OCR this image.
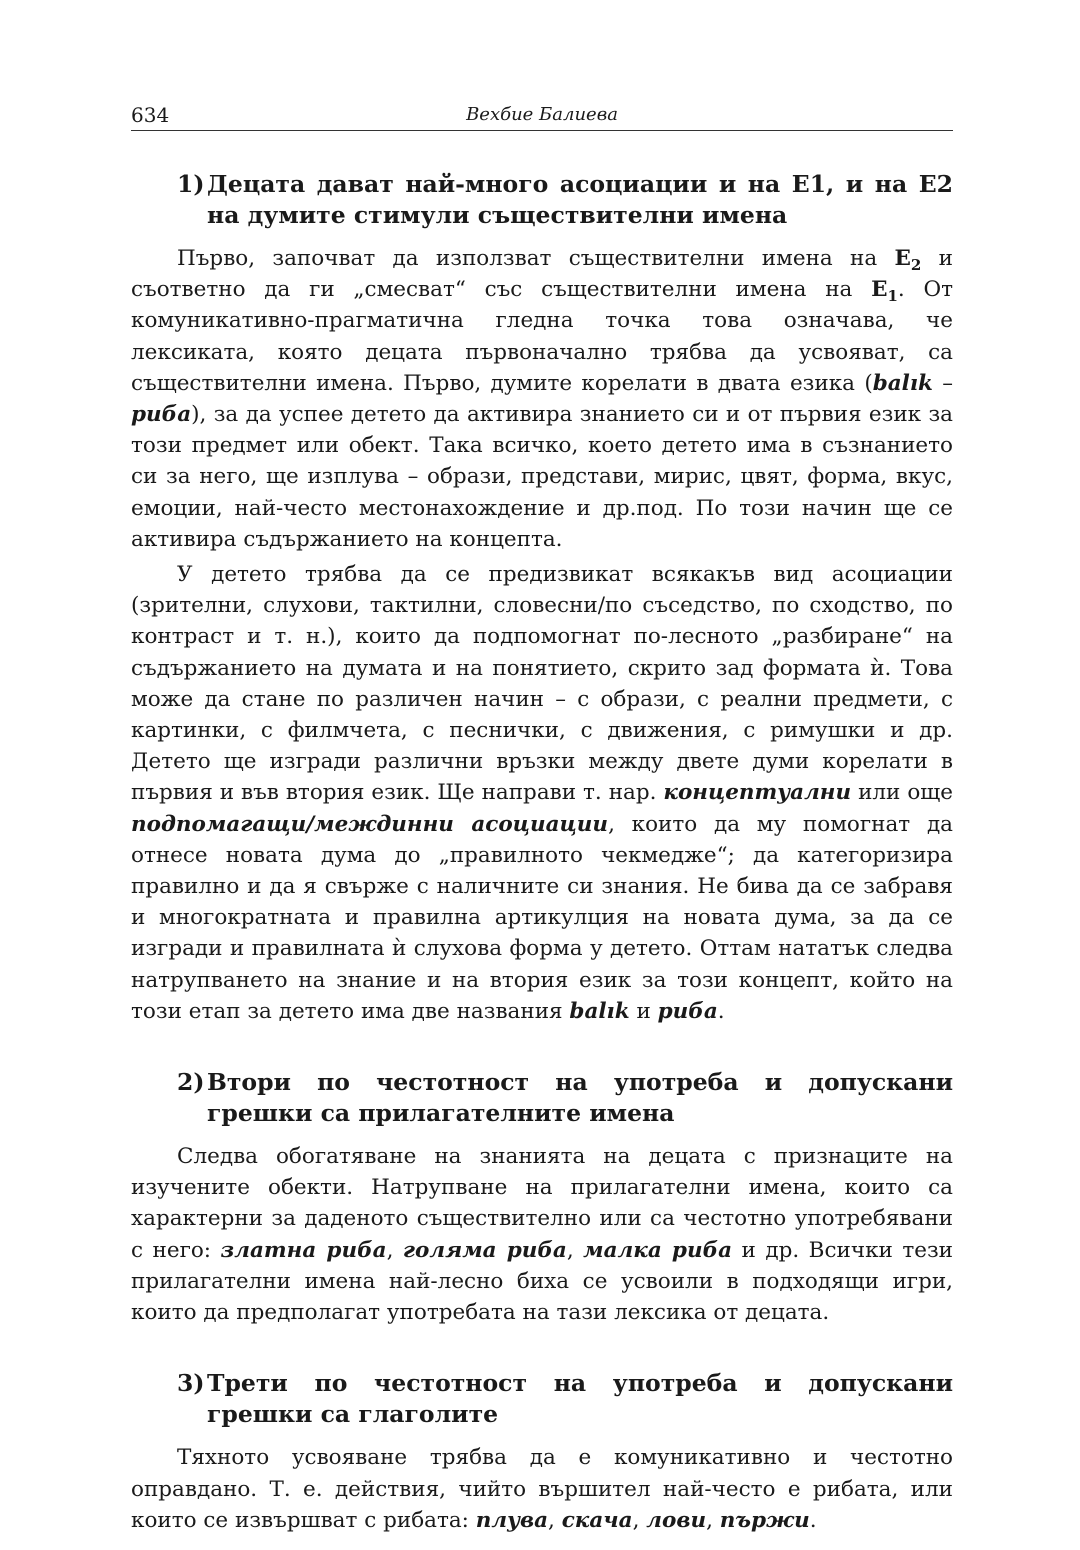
634	Вехбие Балиева
1) Децата дават най-много асоциации и на Е1, и на Е2 на думите стимули съществителни имена

Първо, започват да използват съществителни имена на $E_2$ и съответно да ги „смесват“ със съществителни имена на $E_1$. От комуникативно-прагматична гледна точка това означава, че лексиката, която децата първоначално трябва да усвояват, са съществителни имена. Първо, думите корелати в двата езика (balık – риба), за да успее детето да активира знанието си и от първия език за този предмет или обект. Така всичко, което детето има в съзнанието си за него, ще изплува – образи, представи, мирис, цвят, форма, вкус, емоции, най-често местонахождение и др.под. По този начин ще се активира съдържанието на концепта.

У детето трябва да се предизвикат всякакъв вид асоциации (зрителни, слухови, тактилни, словесни/по съседство, по сходство, по контраст и т. н.), които да подпомогнат по-лесното „разбиране“ на съдържанието на думата и на понятието, скрито зад формата ѝ. Това може да стане по различен начин – с образи, с реални предмети, с картинки, с филмчета, с песнички, с движения, с римушки и др. Детето ще изгради различни връзки между двете думи корелати в първия и във втория език. Ще направи т. нар. концептуални или още подпомагащи/междинни асоциации, които да му помогнат да отнесе новата дума до „правилното чекмедже“; да категоризира правилно и да я свърже с наличните си знания. Не бива да се забравя и многократната и правилна артикулция на новата дума, за да се изгради и правилната ѝ слухова форма у детето. Оттам нататък следва натрупването на знание и на втория език за този концепт, който на този етап за детето има две названия balık и риба.

2) Втори по честотност на употреба и допускани грешки са прилагателните имена

Следва обогатяване на знанията на децата с признаците на изучените обекти. Натрупване на прилагателни имена, които са характерни за даденото съществително или са честотно употребявани с него: златна риба, голяма риба, малка риба и др. Всички тези прилагателни имена най-лесно биха се усвоили в подходящи игри, които да предполагат употребата на тази лексика от децата.

3) Трети по честотност на употреба и допускани грешки са глаголите

Тяхното усвояване трябва да е комуникативно и честотно оправдано. Т. е. действия, чийто вършител най-често е рибата, или които се извършват с рибата: плува, скача, лови, пържи.
